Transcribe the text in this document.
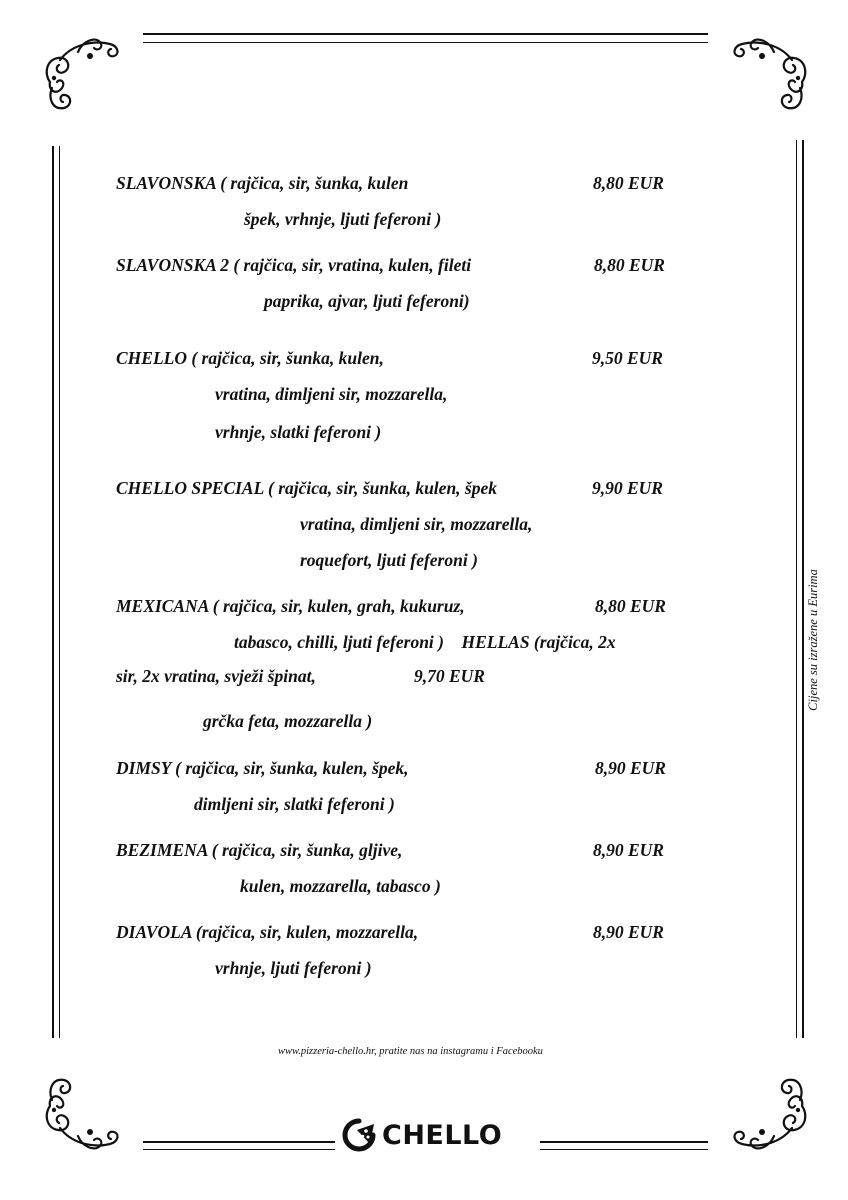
SLAVONSKA ( rajčica, sir, šunka, kulen
špek, vrhnje, ljuti feferoni )
8,80 EUR
SLAVONSKA 2 ( rajčica, sir, vratina, kulen, fileti
paprika, ajvar, ljuti feferoni)
8,80 EUR
CHELLO ( rajčica, sir, šunka, kulen,
vratina, dimljeni sir, mozzarella,
vrhnje, slatki feferoni )
9,50 EUR
CHELLO SPECIAL ( rajčica, sir, šunka, kulen, špek
vratina, dimljeni sir, mozzarella,
roquefort, ljuti feferoni )
9,90 EUR
MEXICANA ( rajčica, sir, kulen, grah, kukuruz,
tabasco, chilli, ljuti feferoni )    HELLAS (rajčica, 2x
8,80 EUR
sir, 2x vratina, svježi špinat,	9,70 EUR
grčka feta, mozzarella )
DIMSY ( rajčica, sir, šunka, kulen, špek,
dimljeni sir, slatki feferoni )
8,90 EUR
BEZIMENA ( rajčica, sir, šunka, gljive,
kulen, mozzarella, tabasco )
8,90 EUR
DIAVOLA (rajčica, sir, kulen, mozzarella,
vrhnje, ljuti feferoni )
8,90 EUR
Cijene su izražene u Eurima
www.pizzeria-chello.hr, pratite nas na instagramu i Facebooku
CHELLO
